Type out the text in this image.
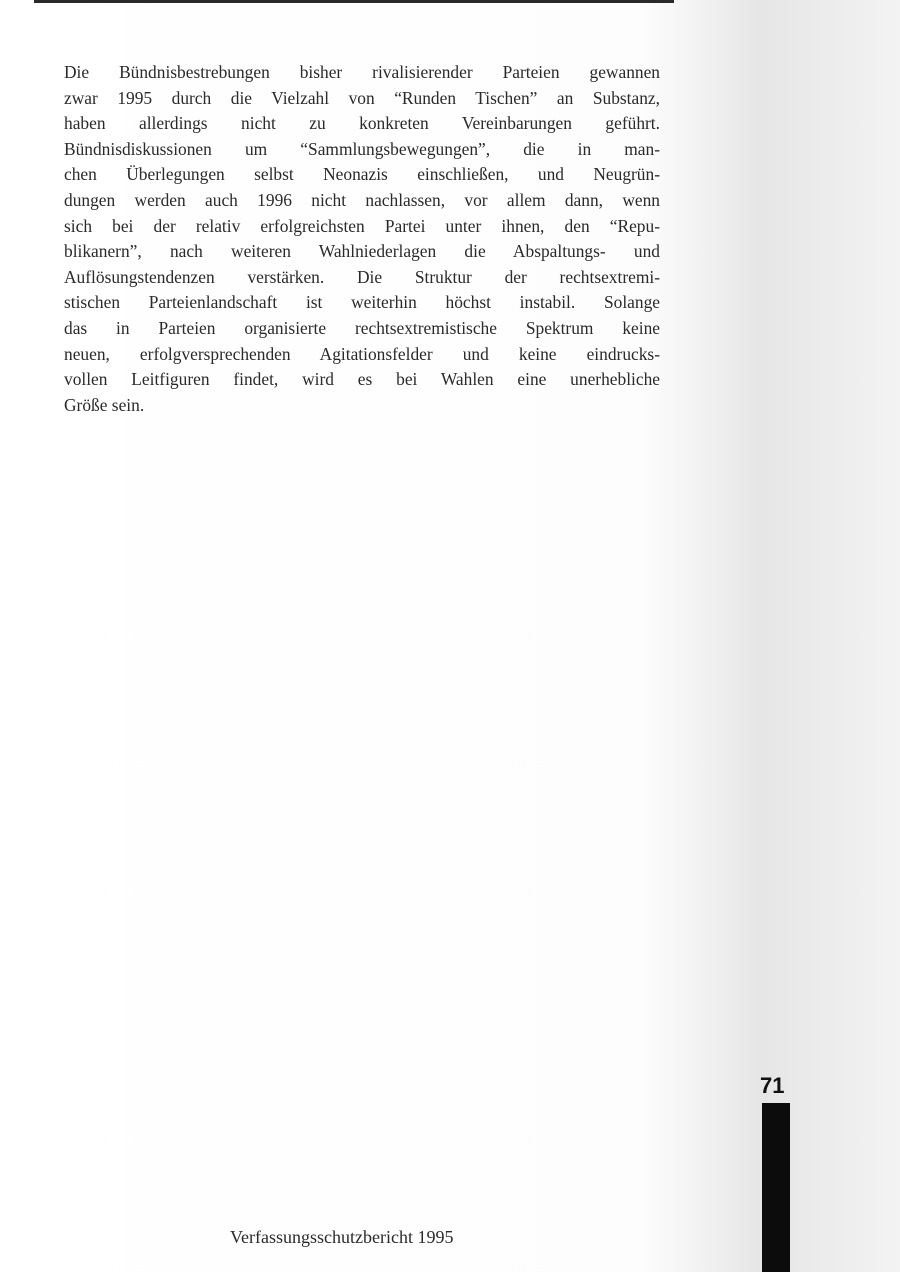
Die Bündnisbestrebungen bisher rivalisierender Parteien gewannen
zwar 1995 durch die Vielzahl von “Runden Tischen” an Substanz,
haben allerdings nicht zu konkreten Vereinbarungen geführt.
Bündnisdiskussionen um “Sammlungsbewegungen”, die in man-
chen Überlegungen selbst Neonazis einschließen, und Neugrün-
dungen werden auch 1996 nicht nachlassen, vor allem dann, wenn
sich bei der relativ erfolgreichsten Partei unter ihnen, den “Repu-
blikanern”, nach weiteren Wahlniederlagen die Abspaltungs- und
Auflösungstendenzen verstärken. Die Struktur der rechtsextremi-
stischen Parteienlandschaft ist weiterhin höchst instabil. Solange
das in Parteien organisierte rechtsextremistische Spektrum keine
neuen, erfolgversprechenden Agitationsfelder und keine eindrucks-
vollen Leitfiguren findet, wird es bei Wahlen eine unerhebliche
Größe sein.

71
Verfassungsschutzbericht 1995
